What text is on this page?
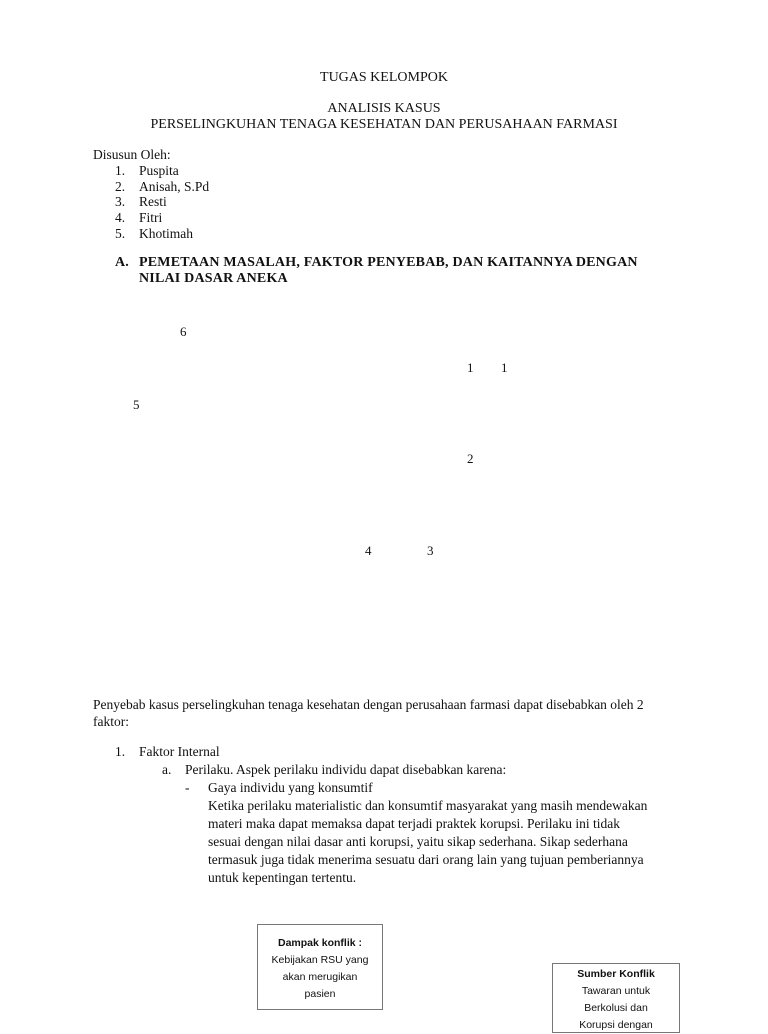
TUGAS KELOMPOK
ANALISIS KASUS
PERSELINGKUHAN TENAGA KESEHATAN DAN PERUSAHAAN FARMASI
Disusun Oleh:
1. Puspita
2. Anisah, S.Pd
3. Resti
4. Fitri
5. Khotimah
A. PEMETAAN MASALAH, FAKTOR PENYEBAB, DAN KAITANNYA DENGAN
NILAI DASAR ANEKA
6
1 1
5
2
4	3
Penyebab kasus perselingkuhan tenaga kesehatan dengan perusahaan farmasi dapat disebabkan oleh 2
faktor:
1. Faktor Internal
a. Perilaku. Aspek perilaku individu dapat disebabkan karena:
- Gaya individu yang konsumtif
Ketika perilaku materialistic dan konsumtif masyarakat yang masih mendewakan
materi maka dapat memaksa dapat terjadi praktek korupsi. Perilaku ini tidak
sesuai dengan nilai dasar anti korupsi, yaitu sikap sederhana. Sikap sederhana
termasuk juga tidak menerima sesuatu dari orang lain yang tujuan pemberiannya
untuk kepentingan tertentu.
Dampak konflik :
Kebijakan RSU yang
akan merugikan
pasien
Sumber Konflik
Tawaran untuk
Berkolusi dan
Korupsi dengan
